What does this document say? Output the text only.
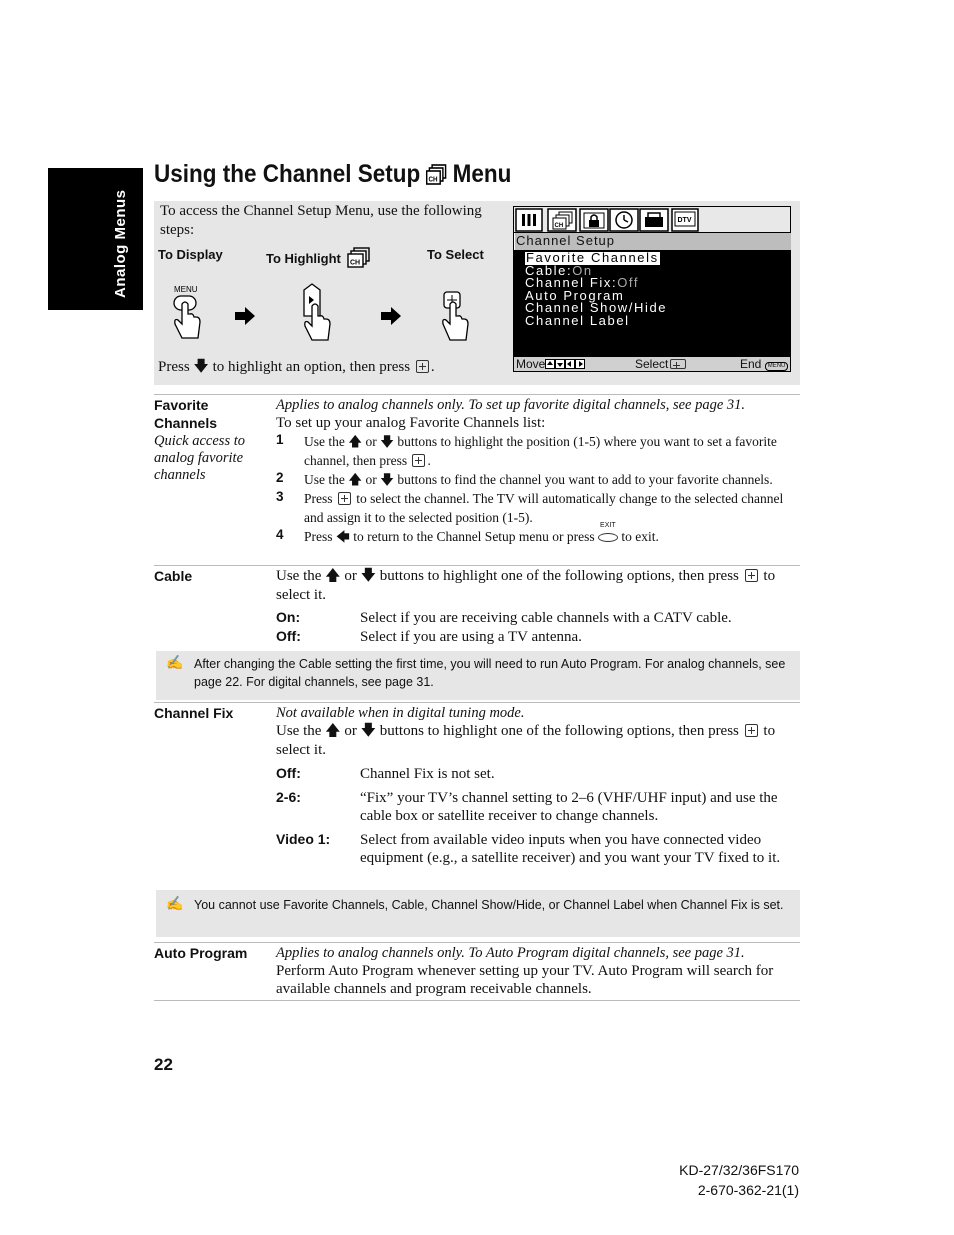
Analog Menus
Using the Channel Setup CH Menu
To access the Channel Setup Menu, use the following steps:
To Display	To Highlight CH
To Select
MENU
Press 🡇 to highlight an option, then press .
CH
DTV
Channel Setup
Favorite Channels
Cable:On
Channel Fix:Off
Auto Program
Channel Show/Hide
Channel Label
Move	Select	End MENU
Favorite
Channels
Quick access to analog favorite channels
Applies to analog channels only. To set up favorite digital channels, see page 31.
To set up your analog Favorite Channels list:
1	Use the 🡅 or 🡇 buttons to highlight the position (1-5) where you want to set a favorite channel, then press .
2	Use the 🡅 or 🡇 buttons to find the channel you want to add to your favorite channels.
3	Press to select the channel. The TV will automatically change to the selected channel and assign it to the selected position (1-5).
4	Press 🡄 to return to the Channel Setup menu or press
EXIT
to exit.
Cable	Use the 🡅 or 🡇 buttons to highlight one of the following options, then press to select it.
On:	Select if you are receiving cable channels with a CATV cable.
Off:	Select if you are using a TV antenna.
✍ After changing the Cable setting the first time, you will need to run Auto Program. For analog channels, see page 22. For digital channels, see page 31.
Channel Fix	Not available when in digital tuning mode.
Use the 🡅 or 🡇 buttons to highlight one of the following options, then press to select it.
Off:	Channel Fix is not set.
2-6:	“Fix” your TV’s channel setting to 2–6 (VHF/UHF input) and use the cable box or satellite receiver to change channels.
Video 1: Select from available video inputs when you have connected video equipment (e.g., a satellite receiver) and you want your TV fixed to it.
✍ You cannot use Favorite Channels, Cable, Channel Show/Hide, or Channel Label when Channel Fix is set.
Auto Program Applies to analog channels only. To Auto Program digital channels, see page 31.
Perform Auto Program whenever setting up your TV. Auto Program will search for available channels and program receivable channels.
22
KD-27/32/36FS170
2-670-362-21(1)
